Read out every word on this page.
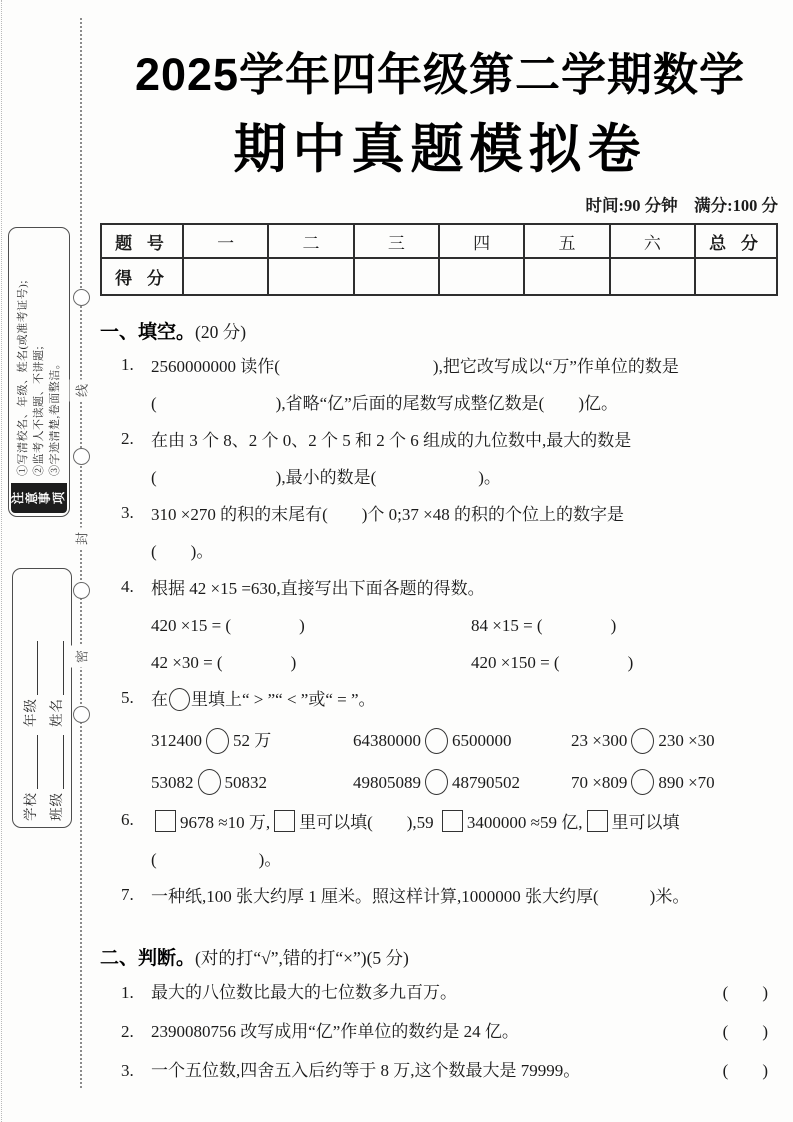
线
封
密
注意事项
①写清校名、年级、姓名(或准考证号); ②监考人不读题、不讲题; ③字迹清楚,卷面整洁。
学校
年级
班级
姓名
2025学年四年级第二学期数学
期中真题模拟卷
时间:90 分钟　满分:100 分
题 号	一	二	三	四	五	六	总 分
得 分							
一、填空。(20 分)
1.	2560000000 读作(　　　　　　　　　),把它改写成以“万”作单位的数是
(　　　　　　　),省略“亿”后面的尾数写成整亿数是(　　)亿。
2.	在由 3 个 8、2 个 0、2 个 5 和 2 个 6 组成的九位数中,最大的数是
(　　　　　　　),最小的数是(　　　　　　)。
3.	310 ×270 的积的末尾有(　　)个 0;37 ×48 的积的个位上的数字是
(　　)。
4.	根据 42 ×15 =630,直接写出下面各题的得数。
420 ×15 = (　　　　)	84 ×15 = (　　　　)
42 ×30 = (　　　　)	420 ×150 = (　　　　)
5.	在 里填上“ > ”“ < ”或“ = ”。
312400 52 万	64380000 6500000	23 ×300 230 ×30
53082 50832	49805089 48790502	70 ×809 890 ×70
6.	9678 ≈10 万, 里可以填(　　),59 3400000 ≈59 亿, 里可以填
(　　　　　　)。
7.	一种纸,100 张大约厚 1 厘米。照这样计算,1000000 张大约厚(　　　)米。
二、判断。(对的打“√”,错的打“×”)(5 分)
1.	最大的八位数比最大的七位数多九百万。	(　　)
2.	2390080756 改写成用“亿”作单位的数约是 24 亿。	(　　)
3.	一个五位数,四舍五入后约等于 8 万,这个数最大是 79999。	(　　)
